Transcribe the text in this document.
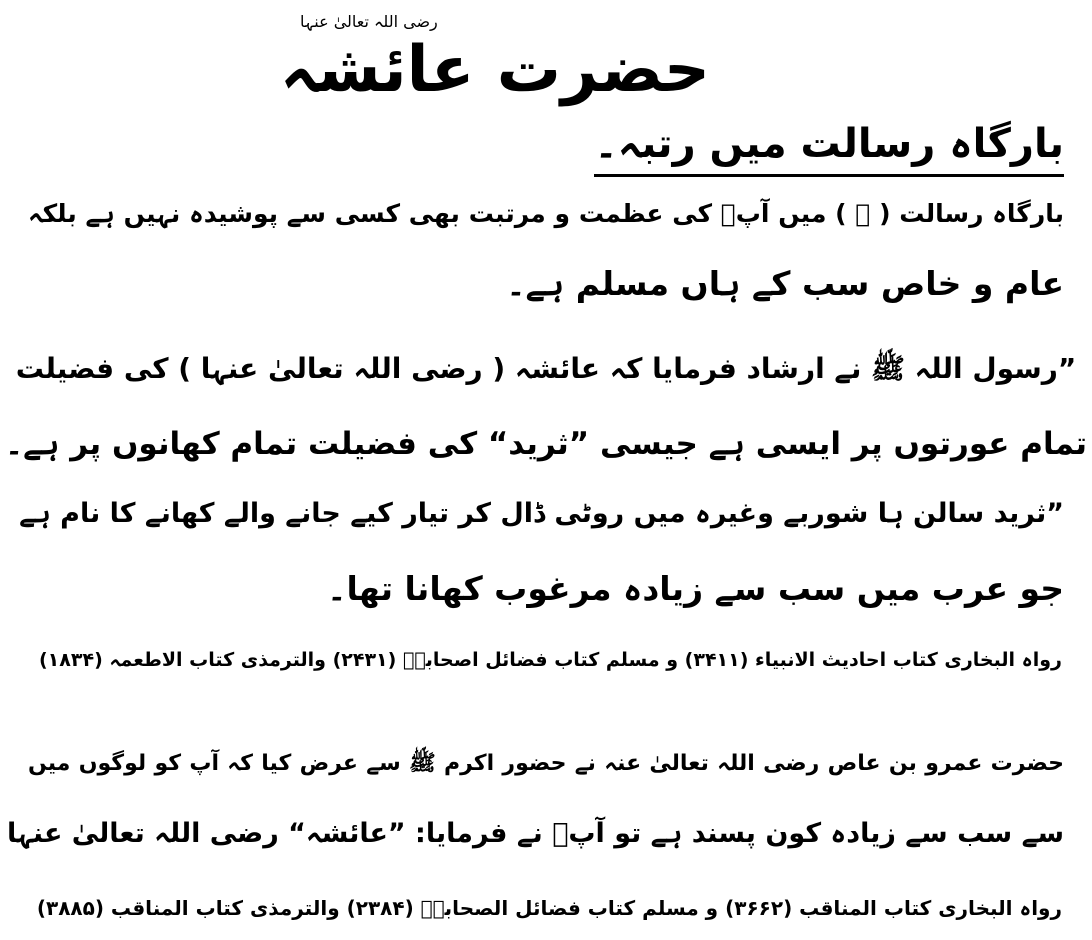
رضی اللہ تعالیٰ عنہا
حضرت عائشہ
بارگاہ رسالت میں رتبہ۔
بارگاہ رسالت ( ﷺ ) میں آپؓ کی عظمت و مرتبت بھی کسی سے پوشیدہ نہیں ہے بلکہ
عام و خاص سب کے ہاں مسلم ہے۔
”رسول اللہ ﷺ نے ارشاد فرمایا کہ عائشہ ( رضی اللہ تعالیٰ عنہا ) کی فضیلت
تمام عورتوں پر ایسی ہے جیسی ”ثرید“ کی فضیلت تمام کھانوں پر ہے۔
”ثرید سالن ہا شوربے وغیرہ میں روٹی ڈال کر تیار کیے جانے والے کھانے کا نام ہے
جو عرب میں سب سے زیادہ مرغوب کھانا تھا۔
رواہ البخاری کتاب احادیث الانبیاء (۳۴۱۱) و مسلم کتاب فضائل اصحابہؓ (۲۴۳۱) والترمذی کتاب الاطعمہ (۱۸۳۴)
حضرت عمرو بن عاص رضی اللہ تعالیٰ عنہ نے حضور اکرم ﷺ سے عرض کیا کہ آپ کو لوگوں میں
سے سب سے زیادہ کون پسند ہے تو آپؐ نے فرمایا: ”عائشہ“ رضی اللہ تعالیٰ عنہا
رواہ البخاری کتاب المناقب (۳۶۶۲) و مسلم کتاب فضائل الصحابہؓ (۲۳۸۴) والترمذی کتاب المناقب (۳۸۸۵)
